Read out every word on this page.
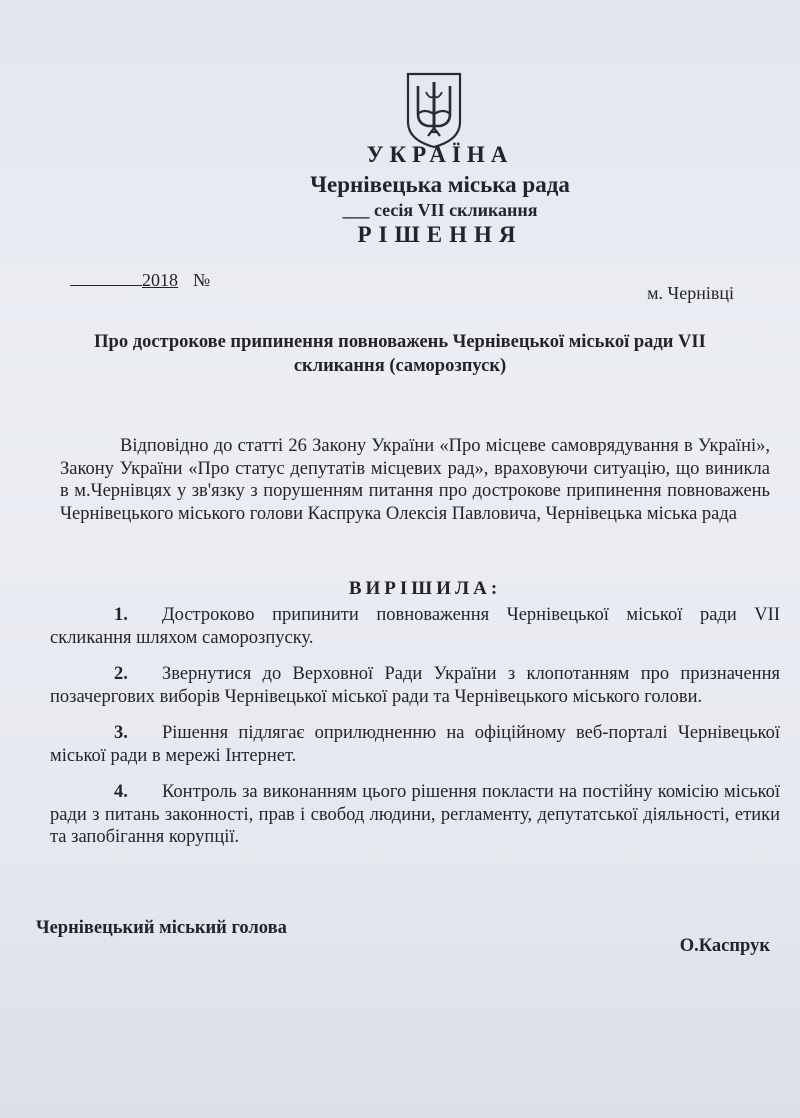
УКРАЇНА
Чернівецька міська рада
___ сесія VII скликання
РІШЕННЯ
2018 №
м. Чернівці
Про дострокове припинення повноважень Чернівецької міської ради VII скликання (саморозпуск)
Відповідно до статті 26 Закону України «Про місцеве самоврядування в Україні», Закону України «Про статус депутатів місцевих рад», враховуючи ситуацію, що виникла в м.Чернівцях у зв'язку з порушенням питання про дострокове припинення повноважень Чернівецького міського голови Каспрука Олексія Павловича, Чернівецька міська рада
ВИРІШИЛА:

1. Достроково припинити повноваження Чернівецької міської ради VII скликання шляхом саморозпуску.

2. Звернутися до Верховної Ради України з клопотанням про призначення позачергових виборів Чернівецької міської ради та Чернівецького міського голови.

3. Рішення підлягає оприлюдненню на офіційному веб-порталі Чернівецької міської ради в мережі Інтернет.

4. Контроль за виконанням цього рішення покласти на постійну комісію міської ради з питань законності, прав і свобод людини, регламенту, депутатської діяльності, етики та запобігання корупції.

Чернівецький міський голова
О.Каспрук
